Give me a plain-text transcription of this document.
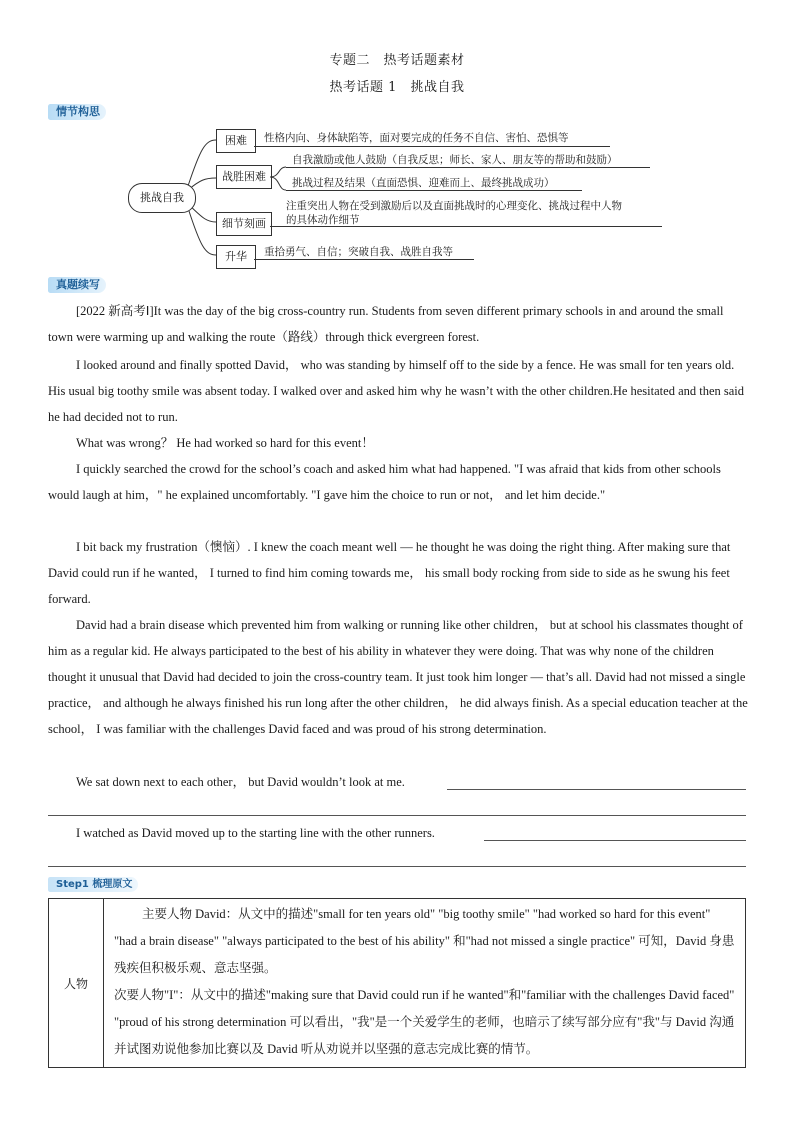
专题二　热考话题素材
热考话题 1　挑战自我
情节构思
挑战自我
困难	性格内向、身体缺陷等，面对要完成的任务不自信、害怕、恐惧等
战胜困难
自我激励或他人鼓励（自我反思；师长、家人、朋友等的帮助和鼓励）
挑战过程及结果（直面恐惧、迎难而上、最终挑战成功）
细节刻画
注重突出人物在受到激励后以及直面挑战时的心理变化、挑战过程中人物
的具体动作细节
升华	重拾勇气、自信；突破自我、战胜自我等
真题续写
[2022 新高考Ⅰ]It was the day of the big cross-country run. Students from seven different primary schools in and around the small town were warming up and walking the route（路线）through thick evergreen forest.
I looked around and finally spotted David， who was standing by himself off to the side by a fence. He was small for ten years old. His usual big toothy smile was absent today. I walked over and asked him why he wasn’t with the other children.He hesitated and then said he had decided not to run.
What was wrong？ He had worked so hard for this event！
I quickly searched the crowd for the school’s coach and asked him what had happened. "I was afraid that kids from other schools would laugh at him，" he explained uncomfortably. "I gave him the choice to run or not， and let him decide."
I bit back my frustration（懊恼）. I knew the coach meant well — he thought he was doing the right thing. After making sure that David could run if he wanted， I turned to find him coming towards me， his small body rocking from side to side as he swung his feet forward.
David had a brain disease which prevented him from walking or running like other children， but at school his classmates thought of him as a regular kid. He always participated to the best of his ability in whatever they were doing. That was why none of the children thought it unusual that David had decided to join the cross-country team. It just took him longer — that’s all. David had not missed a single practice， and although he always finished his run long after the other children， he did always finish. As a special education teacher at the school， I was familiar with the challenges David faced and was proud of his strong determination.
We sat down next to each other， but David wouldn’t look at me.
I watched as David moved up to the starting line with the other runners.
Step1 梳理原文
人物	

主要人物 David：从文中的描述"small for ten years old" "big toothy smile" "had worked so hard for this event" "had a brain disease" "always participated to the best of his ability" 和"had not missed a single practice" 可知，David 身患残疾但积极乐观、意志坚强。

次要人物"I"：从文中的描述"making sure that David could run if he wanted"和"familiar with the challenges David faced" "proud of his strong determination 可以看出，"我"是一个关爱学生的老师，也暗示了续写部分应有"我"与 David 沟通并试图劝说他参加比赛以及 David 听从劝说并以坚强的意志完成比赛的情节。
